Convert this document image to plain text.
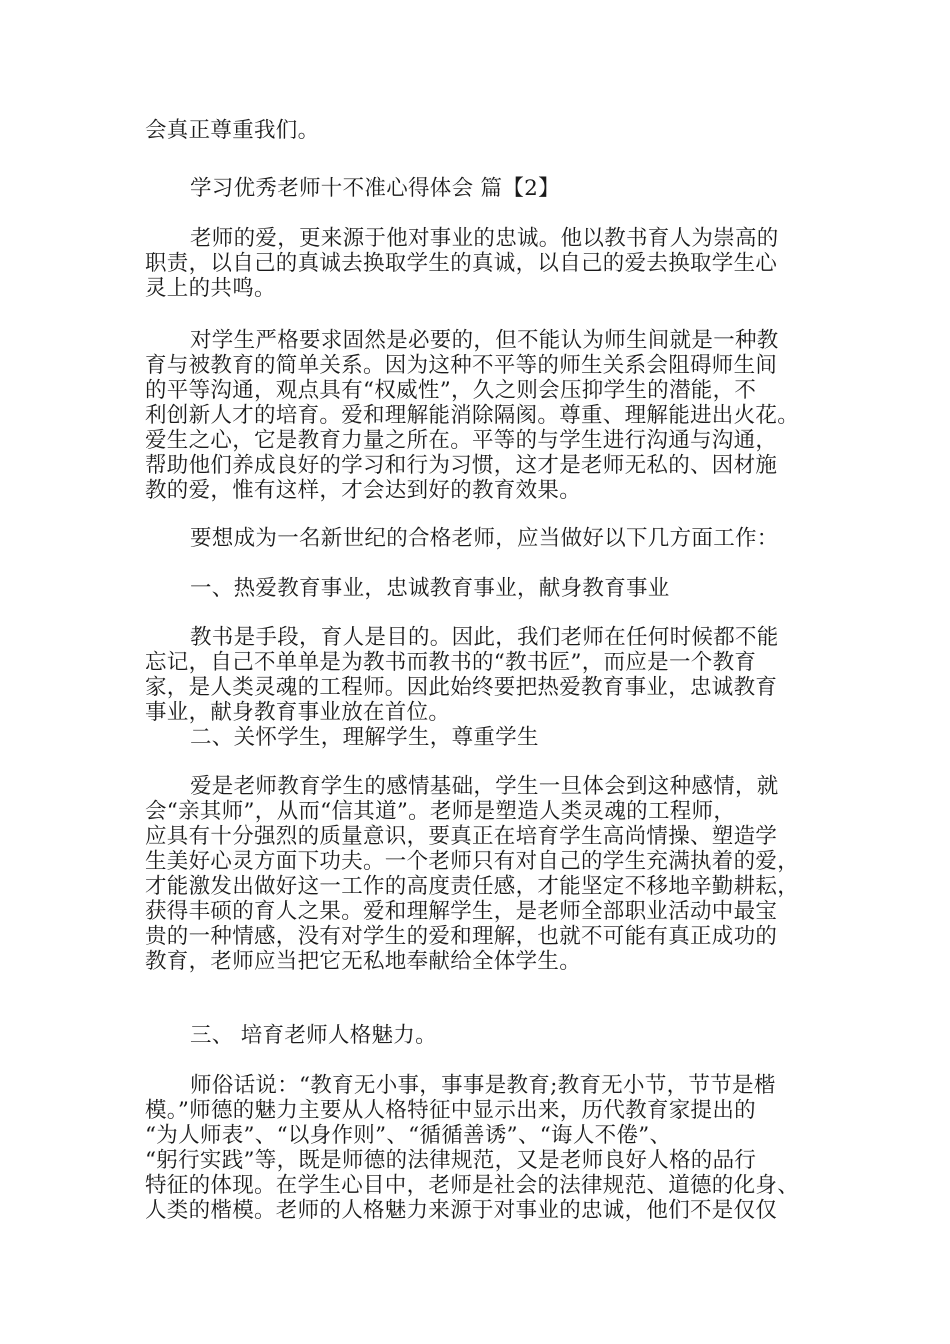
会真正尊重我们。

学习优秀老师十不准心得体会 篇【2】

老师的爱，更来源于他对事业的忠诚。他以教书育人为崇高的
职责，以自己的真诚去换取学生的真诚，以自己的爱去换取学生心
灵上的共鸣。

对学生严格要求固然是必要的，但不能认为师生间就是一种教
育与被教育的简单关系。因为这种不平等的师生关系会阻碍师生间
的平等沟通，观点具有“权威性”，久之则会压抑学生的潜能，不
利创新人才的培育。爱和理解能消除隔阂。尊重、理解能进出火花。
爱生之心，它是教育力量之所在。平等的与学生进行沟通与沟通，
帮助他们养成良好的学习和行为习惯，这才是老师无私的、因材施
教的爱，惟有这样，才会达到好的教育效果。

要想成为一名新世纪的合格老师，应当做好以下几方面工作：

一、热爱教育事业，忠诚教育事业，献身教育事业

教书是手段，育人是目的。因此，我们老师在任何时候都不能
忘记，自己不单单是为教书而教书的“教书匠”，而应是一个教育
家，是人类灵魂的工程师。因此始终要把热爱教育事业，忠诚教育
事业，献身教育事业放在首位。

二、关怀学生，理解学生，尊重学生

爱是老师教育学生的感情基础，学生一旦体会到这种感情，就
会“亲其师”，从而“信其道”。老师是塑造人类灵魂的工程师，
应具有十分强烈的质量意识，要真正在培育学生高尚情操、塑造学
生美好心灵方面下功夫。一个老师只有对自己的学生充满执着的爱，
才能激发出做好这一工作的高度责任感，才能坚定不移地辛勤耕耘，
获得丰硕的育人之果。爱和理解学生，是老师全部职业活动中最宝
贵的一种情感，没有对学生的爱和理解，也就不可能有真正成功的
教育，老师应当把它无私地奉献给全体学生。

三、 培育老师人格魅力。

师俗话说：“教育无小事，事事是教育;教育无小节，节节是楷
模。”师德的魅力主要从人格特征中显示出来，历代教育家提出的
“为人师表”、“以身作则”、“循循善诱”、“诲人不倦”、
“躬行实践”等，既是师德的法律规范，又是老师良好人格的品行
特征的体现。在学生心目中，老师是社会的法律规范、道德的化身、
人类的楷模。老师的人格魅力来源于对事业的忠诚，他们不是仅仅
